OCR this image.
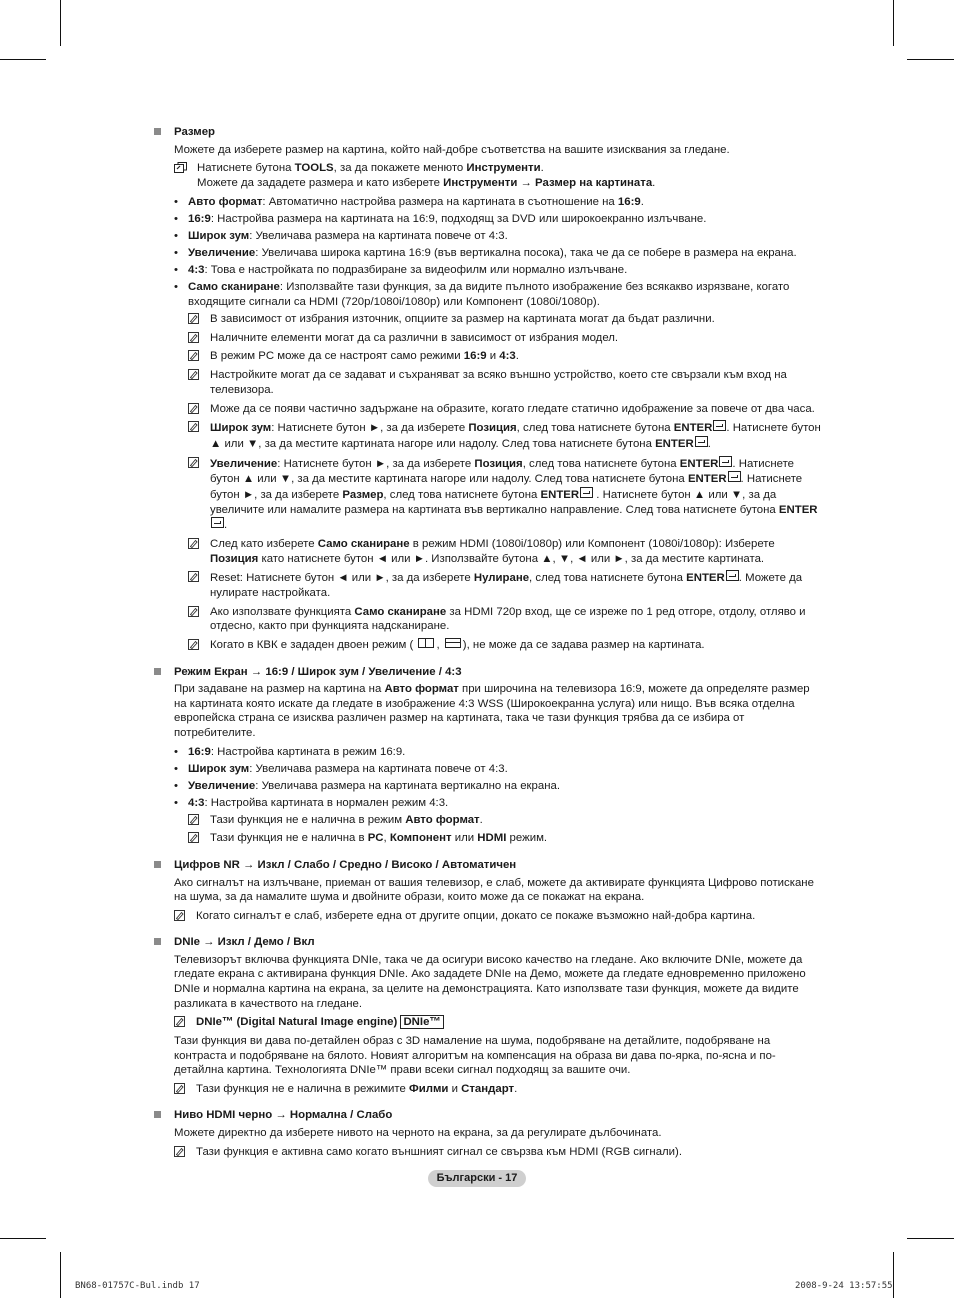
Размер
Можете да изберете размер на картина, който най-добре съответства на вашите изисквания за гледане.
Натиснете бутона TOOLS, за да покажете менюто Инструменти.
Можете да зададете размера и като изберете Инструменти → Размер на картината.
• Авто формат: Автоматично настройва размера на картината в съотношение на 16:9.
• 16:9: Настройва размера на картината на 16:9, подходящ за DVD или широкоекранно излъчване.
• Широк зум: Увеличава размера на картината повече от 4:3.
• Увеличение: Увеличава широка картина 16:9 (във вертикална посока), така че да се побере в размера на екрана.
• 4:3: Това е настройката по подразбиране за видеофилм или нормално излъчване.
• Само сканиране: Използвайте тази функция, за да видите пълното изображение без всякакво изрязване, когато входящите сигнали са HDMI (720p/1080i/1080p) или Компонент (1080i/1080p).
В зависимост от избрания източник, опциите за размер на картината могат да бъдат различни.
Наличните елементи могат да са различни в зависимост от избрания модел.
В режим PC може да се настроят само режими 16:9 и 4:3.
Настройките могат да се задават и съхраняват за всяко външно устройство, което сте свързали към вход на телевизора.
Може да се появи частично задържане на образите, когато гледате статично идображение за повече от два часа.
Широк зум: Натиснете бутон ►, за да изберете Позиция, след това натиснете бутона ENTER . Натиснете бутон ▲ или ▼, за да местите картината нагоре или надолу. След това натиснете бутона ENTER .
Увеличение: Натиснете бутон ►, за да изберете Позиция, след това натиснете бутона ENTER . Натиснете бутон ▲ или ▼, за да местите картината нагоре или надолу. След това натиснете бутона ENTER . Натиснете бутон ►, за да изберете Размер, след това натиснете бутона ENTER . Натиснете бутон ▲ или ▼, за да увеличите или намалите размера на картината във вертикално направление. След това натиснете бутона ENTER.
След като изберете Само сканиране в режим HDMI (1080i/1080p) или Компонент (1080i/1080p): Изберете Позиция като натиснете бутон ◄ или ►. Използвайте бутона ▲, ▼, ◄ или ►, за да местите картината.
Reset: Натиснете бутон ◄ или ►, за да изберете Нулиране, след това натиснете бутона ENTER . Можете да нулирате настройката.
Ако използвате функцията Само сканиране за HDMI 720p вход, ще се изреже по 1 ред отгоре, отдолу, отляво и отдесно, както при функцията надсканиране.
Когато в КВК е зададен двоен режим ( , ), не може да се задава размер на картината.
Режим Екран → 16:9 / Широк зум / Увеличение / 4:3
При задаване на размер на картина на Авто формат при широчина на телевизора 16:9, можете да определяте размер на картината която искате да гледате в изображение 4:3 WSS (Широкоекранна услуга) или нищо. Във всяка отделна европейска страна се изисква различен размер на картината, така че тази функция трябва да се избира от потребителите.
• 16:9: Настройва картината в режим 16:9.
• Широк зум: Увеличава размера на картината повече от 4:3.
• Увеличение: Увеличава размера на картината вертикално на екрана.
• 4:3: Настройва картината в нормален режим 4:3.
Тази функция не е налична в режим Авто формат.
Тази функция не е налична в PC, Компонент или HDMI режим.
Цифров NR → Изкл / Слабо / Средно / Високо / Автоматичен
Ако сигналът на излъчване, приеман от вашия телевизор, е слаб, можете да активирате функцията Цифрово потискане на шума, за да намалите шума и двойните образи, които може да се покажат на екрана.
Когато сигналът е слаб, изберете една от другите опции, докато се покаже възможно най-добра картина.
DNIe → Изкл / Демо / Вкл
Телевизорът включва функцията DNIe, така че да осигури високо качество на гледане. Ако включите DNIe, можете да гледате екрана с активирана функция DNIe. Ако зададете DNIe на Демо, можете да гледате едновременно приложено DNIe и нормална картина на екрана, за целите на демонстрацията. Като използвате тази функция, можете да видите разликата в качеството на гледане.
DNIe™ (Digital Natural Image engine) DNIe™
Тази функция ви дава по-детайлен образ с 3D намаление на шума, подобряване на детайлите, подобряване на контраста и подобряване на бялото. Новият алгоритъм на компенсация на образа ви дава по-ярка, по-ясна и по-детайлна картина. Технологията DNIe™ прави всеки сигнал подходящ за вашите очи.
Тази функция не е налична в режимите Филми и Стандарт.
Ниво HDMI черно → Нормална / Слабо
Можете директно да изберете нивото на черното на екрана, за да регулирате дълбочината.
Тази функция е активна само когато външният сигнал се свързва към HDMI (RGB сигнали).
Български - 17
BN68-01757C-Bul.indb 17	2008-9-24 13:57:55
